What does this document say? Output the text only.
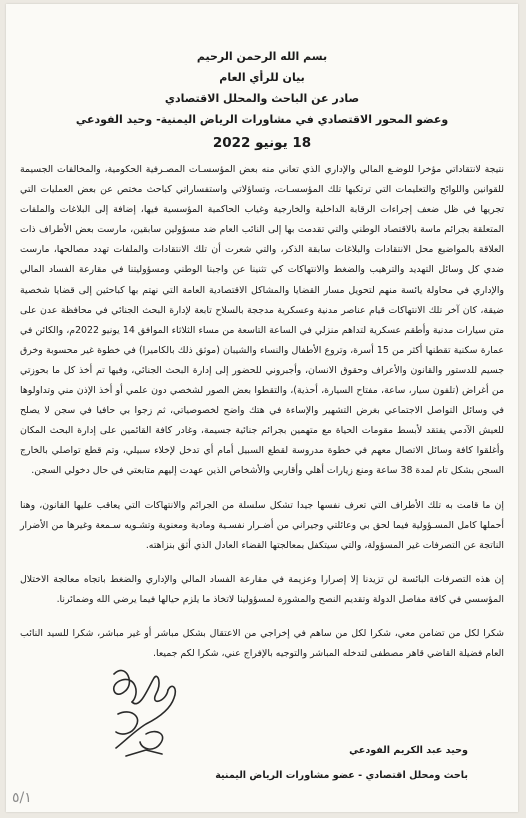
بسم الله الرحمن الرحيم
بيان للرأي العام
صادر عن الباحث والمحلل الاقتصادي
وعضو المحور الاقتصادي في مشاورات الرياض اليمنية- وحيد الفودعي
18 يونيو 2022

نتيجة لانتقاداتي مؤخرا للوضـع المالي والإداري الذي تعاني منه بعض المؤسسـات المصـرفية الحكومية، والمخالفات الجسيمة للقوانين واللوائح والتعليمات التي ترتكبها تلك المؤسسـات، وتساؤلاتي واستفساراتي كباحث مختص عن بعض العمليات التي تجريها في ظل ضعف إجراءات الرقابة الداخلية والخارجية وغياب الحاكمية المؤسسية فيها، إضافة إلى البلاغات والملفات المتعلقة بجرائم ماسة بالاقتصاد الوطني والتي تقدمت بها إلى النائب العام ضد مسؤولين سابقين، مارست بعض الأطراف ذات العلاقة بالمواضيع محل الانتقادات والبلاغات سابقة الذكر، والتي شعرت أن تلك الانتقادات والملفات تهدد مصالحها، مارست ضدي كل وسائل التهديد والترهيب والضغط والانتهاكات كي تثنينا عن واجبنا الوطني ومسؤوليتنا في مقارعة الفساد المالي والإداري في محاولة يائسة منهم لتحويل مسار القضايا والمشاكل الاقتصادية العامة التي نهتم بها كباحثين إلى قضايا شخصية ضيقة، كان آخر تلك الانتهاكات قيام عناصر مدنية وعسكرية مدججة بالسلاح تابعة لإدارة البحث الجنائي في محافظة عدن على متن سيارات مدنية وأطقم عسكرية لتداهم منزلي في الساعة التاسعة من مساء الثلاثاء الموافق 14 يونيو 2022م، والكائن في عمارة سكنية تقطنها أكثر من 15 أسرة، وتروع الأطفال والنساء والشيبان (موثق ذلك بالكاميرا) في خطوة غير محسوبة وخرق جسيم للدستور والقانون والأعراف وحقوق الانسان، وأجبروني للحضور إلى إدارة البحث الجنائي، وفيها تم أخذ كل ما بحوزتي من أغراض (تلفون سيار، ساعة، مفتاح السيارة، أحذية)، والتقطوا بعض الصور لشخصي دون علمي أو أخذ الإذن مني وتداولوها في وسائل التواصل الاجتماعي بغرض التشهير والإساءة في هتك واضح لخصوصياتي، ثم زجوا بي حافيا في سجن لا يصلح للعيش الآدمي يفتقد لأبسط مقومات الحياة مع متهمين بجرائم جنائية جسيمة، وغادر كافة القائمين على إدارة البحث المكان وأغلقوا كافة وسائل الاتصال معهم في خطوة مدروسة لقطع السبيل أمام أي تدخل لإخلاء سبيلي، وتم قطع تواصلي بالخارج السجن بشكل تام لمدة 38 ساعة ومنع زيارات أهلي وأقاربي والأشخاص الذين عهدت إليهم متابعتي في حال دخولي السجن.

إن ما قامت به تلك الأطراف التي تعرف نفسها جيدا تشكل سلسلة من الجرائم والانتهاكات التي يعاقب عليها القانون، وهنا أحملها كامل المسـؤولية فيما لحق بي وعائلتي وجيراني من أضـرار نفسـية ومادية ومعنوية وتشـويه سـمعة وغيرها من الأضرار الناتجة عن التصرفات غير المسؤولة، والتي سيتكفل بمعالجتها القضاء العادل الذي أثق بنزاهته.

إن هذه التصرفات البائسة لن تزيدنا إلا إصرارا وعزيمة في مقارعة الفساد المالي والإداري والضغط باتجاه معالجة الاختلال المؤسسي في كافة مفاصل الدولة وتقديم النصح والمشورة لمسؤولينا لاتخاذ ما يلزم حيالها فيما يرضي الله وضمائرنا.

شكرا لكل من تضامن معي، شكرا لكل من ساهم في إخراجي من الاعتقال بشكل مباشر أو غير مباشر، شكرا للسيد النائب العام فضيلة القاضي قاهر مصطفى لتدخله المباشر والتوجيه بالإفراج عني، شكرا لكم جميعا.

وحيد عبد الكريم الفودعي
باحث ومحلل اقتصادي - عضو مشاورات الرياض اليمنية
٥/١
